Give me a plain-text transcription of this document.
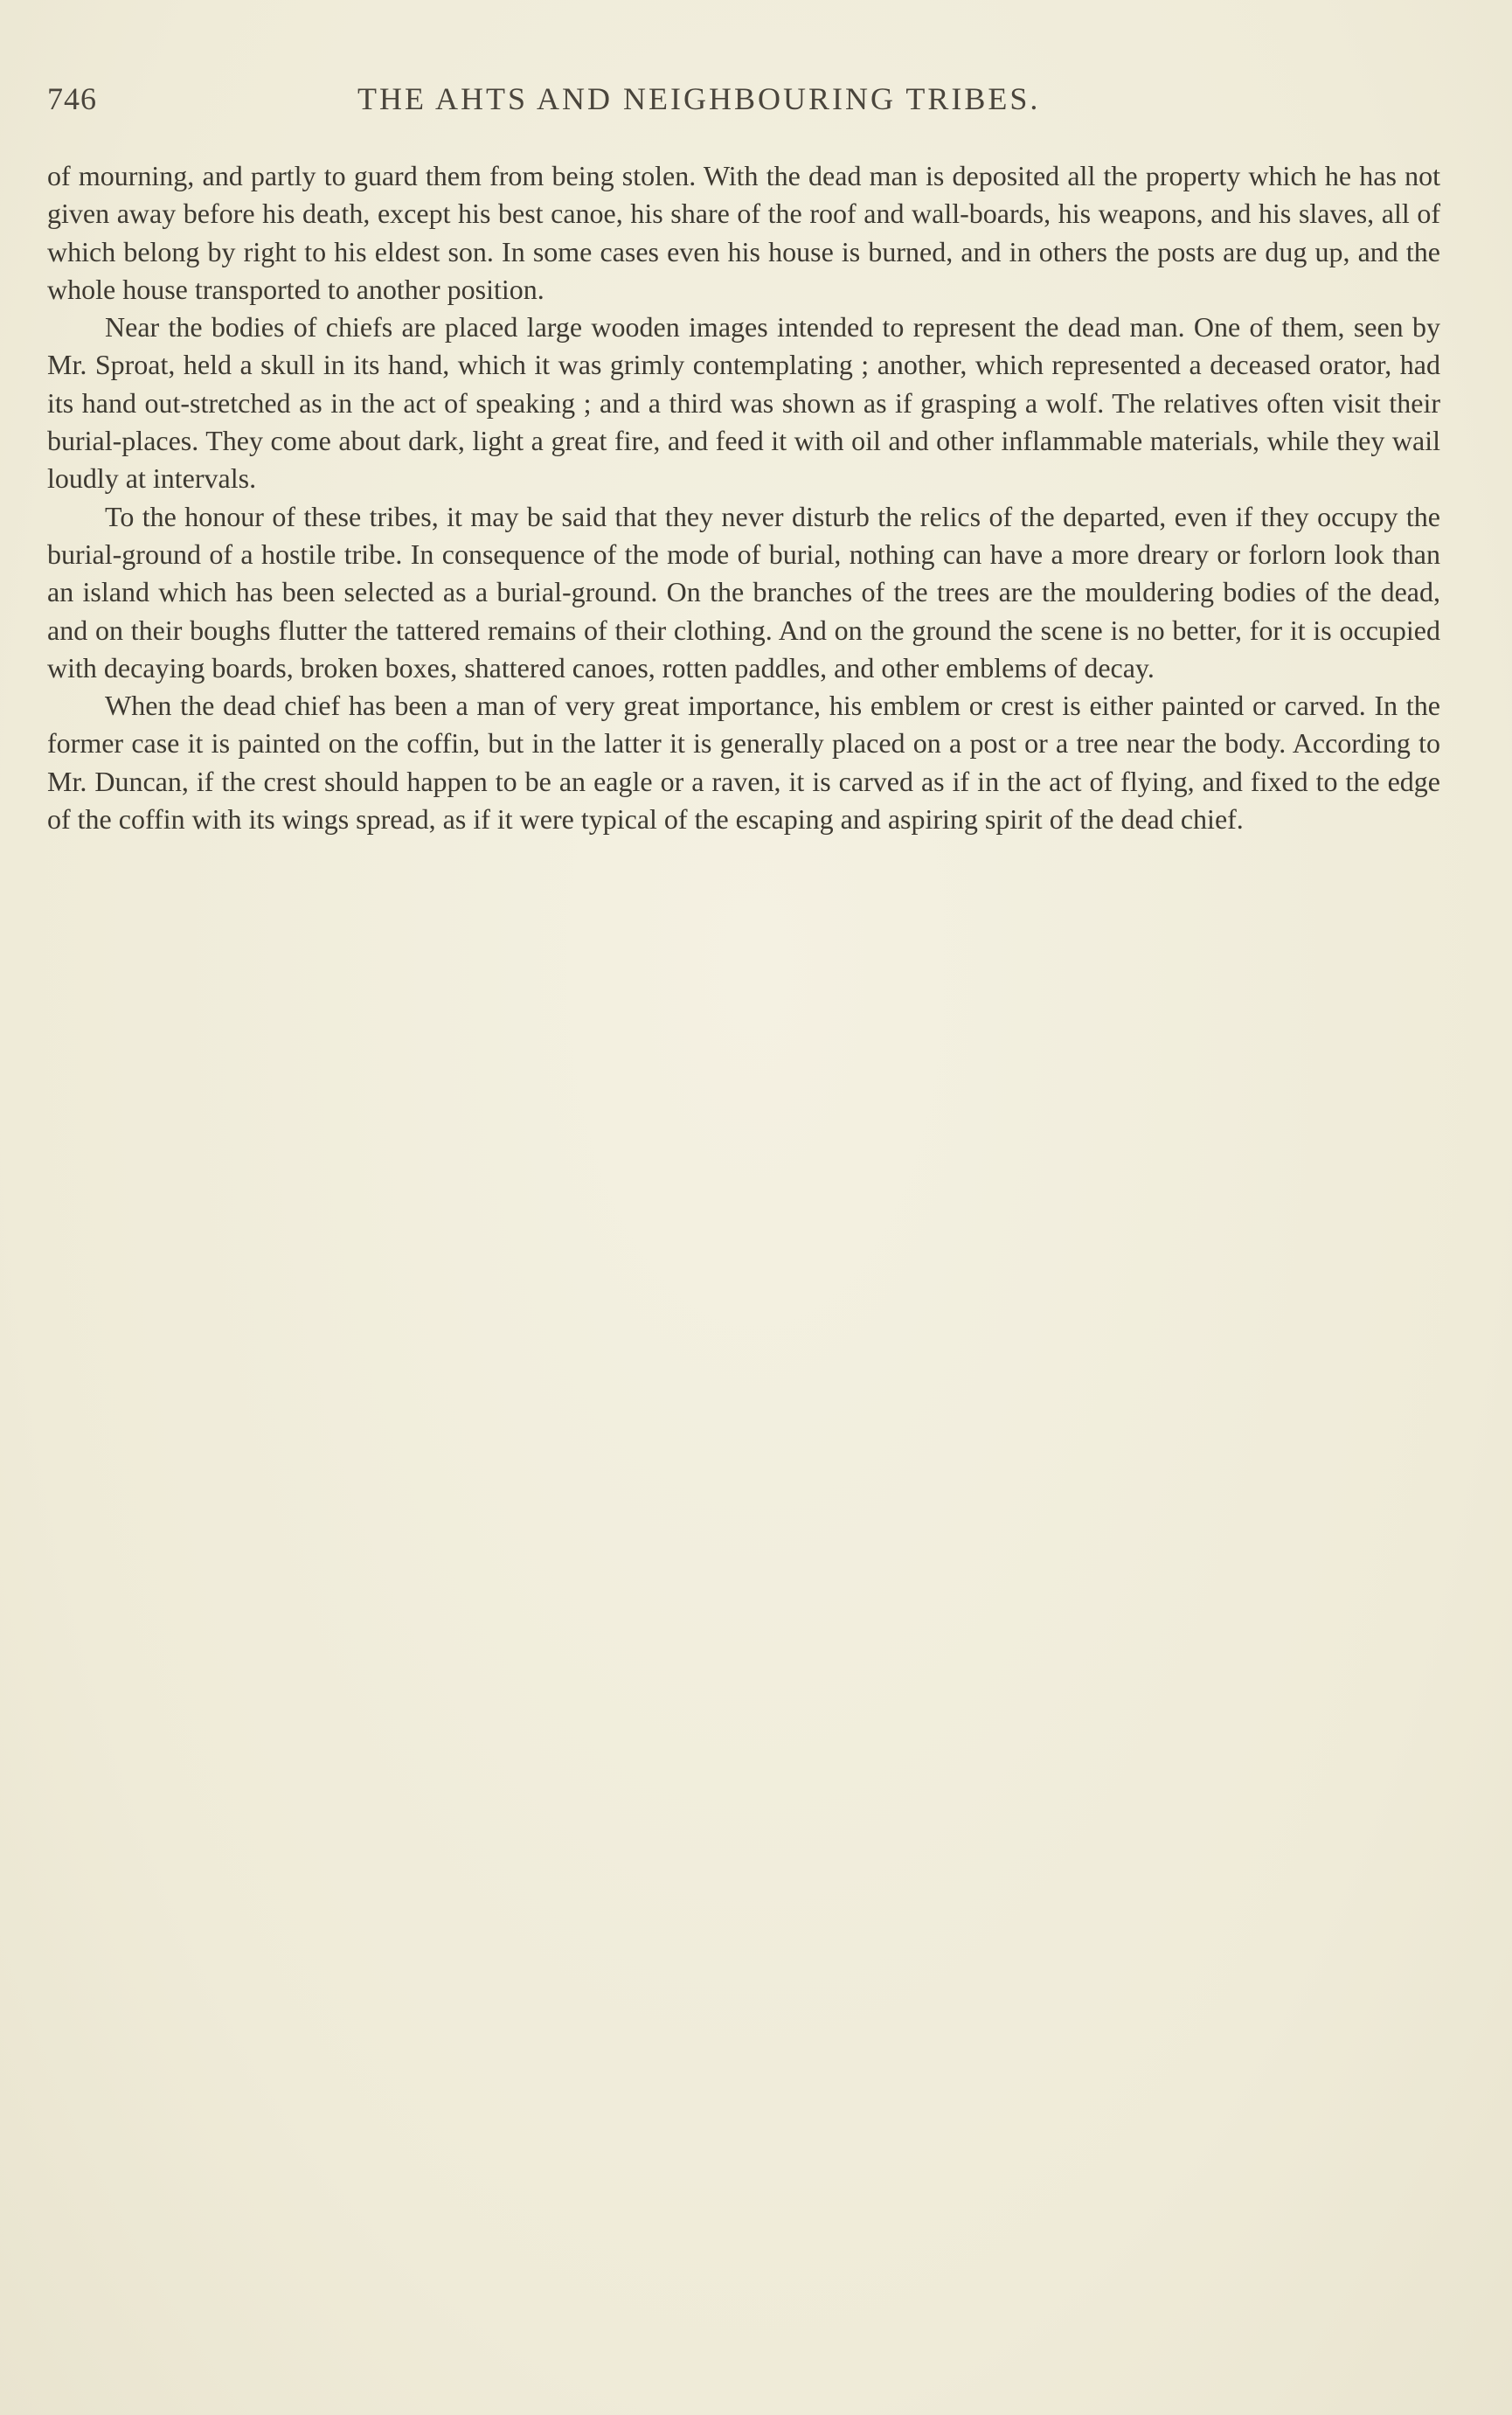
746	THE AHTS AND NEIGHBOURING TRIBES.

of mourning, and partly to guard them from being stolen. With the dead man is deposited all the property which he has not given away before his death, except his best canoe, his share of the roof and wall-boards, his weapons, and his slaves, all of which belong by right to his eldest son. In some cases even his house is burned, and in others the posts are dug up, and the whole house transported to another position.

Near the bodies of chiefs are placed large wooden images intended to represent the dead man. One of them, seen by Mr. Sproat, held a skull in its hand, which it was grimly contemplating ; another, which represented a deceased orator, had its hand out-stretched as in the act of speaking ; and a third was shown as if grasping a wolf. The relatives often visit their burial-places. They come about dark, light a great fire, and feed it with oil and other inflammable materials, while they wail loudly at intervals.

To the honour of these tribes, it may be said that they never disturb the relics of the departed, even if they occupy the burial-ground of a hostile tribe. In consequence of the mode of burial, nothing can have a more dreary or forlorn look than an island which has been selected as a burial-ground. On the branches of the trees are the mouldering bodies of the dead, and on their boughs flutter the tattered remains of their clothing. And on the ground the scene is no better, for it is occupied with decaying boards, broken boxes, shattered canoes, rotten paddles, and other emblems of decay.

When the dead chief has been a man of very great importance, his emblem or crest is either painted or carved. In the former case it is painted on the coffin, but in the latter it is generally placed on a post or a tree near the body. According to Mr. Duncan, if the crest should happen to be an eagle or a raven, it is carved as if in the act of flying, and fixed to the edge of the coffin with its wings spread, as if it were typical of the escaping and aspiring spirit of the dead chief.
